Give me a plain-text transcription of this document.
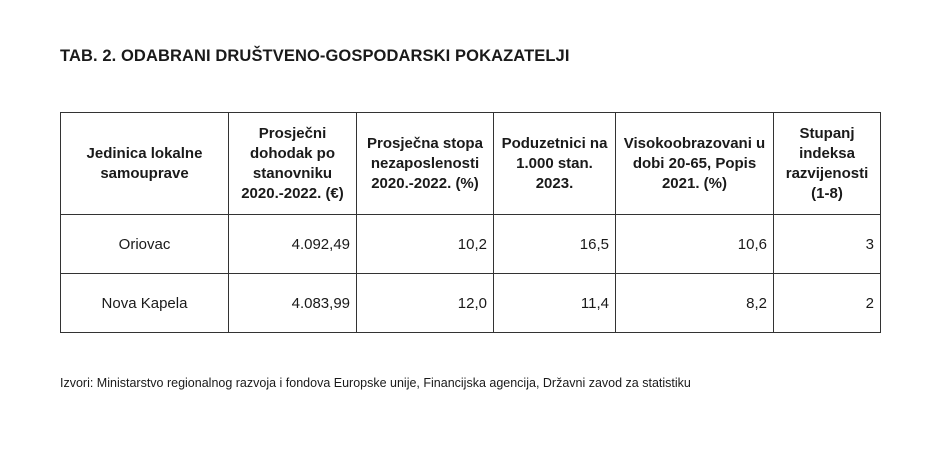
TAB. 2. ODABRANI DRUŠTVENO-GOSPODARSKI POKAZATELJI
Jedinica lokalne samouprave	Prosječni dohodak po stanovniku 2020.-2022. (€)	Prosječna stopa nezaposlenosti 2020.-2022. (%)	Poduzetnici na 1.000 stan. 2023.	Visokoobrazovani u dobi 20-65, Popis 2021. (%)	Stupanj indeksa razvijenosti (1-8)
Oriovac	4.092,49	10,2	16,5	10,6	3
Nova Kapela	4.083,99	12,0	11,4	8,2	2
Izvori: Ministarstvo regionalnog razvoja i fondova Europske unije, Financijska agencija, Državni zavod za statistiku
